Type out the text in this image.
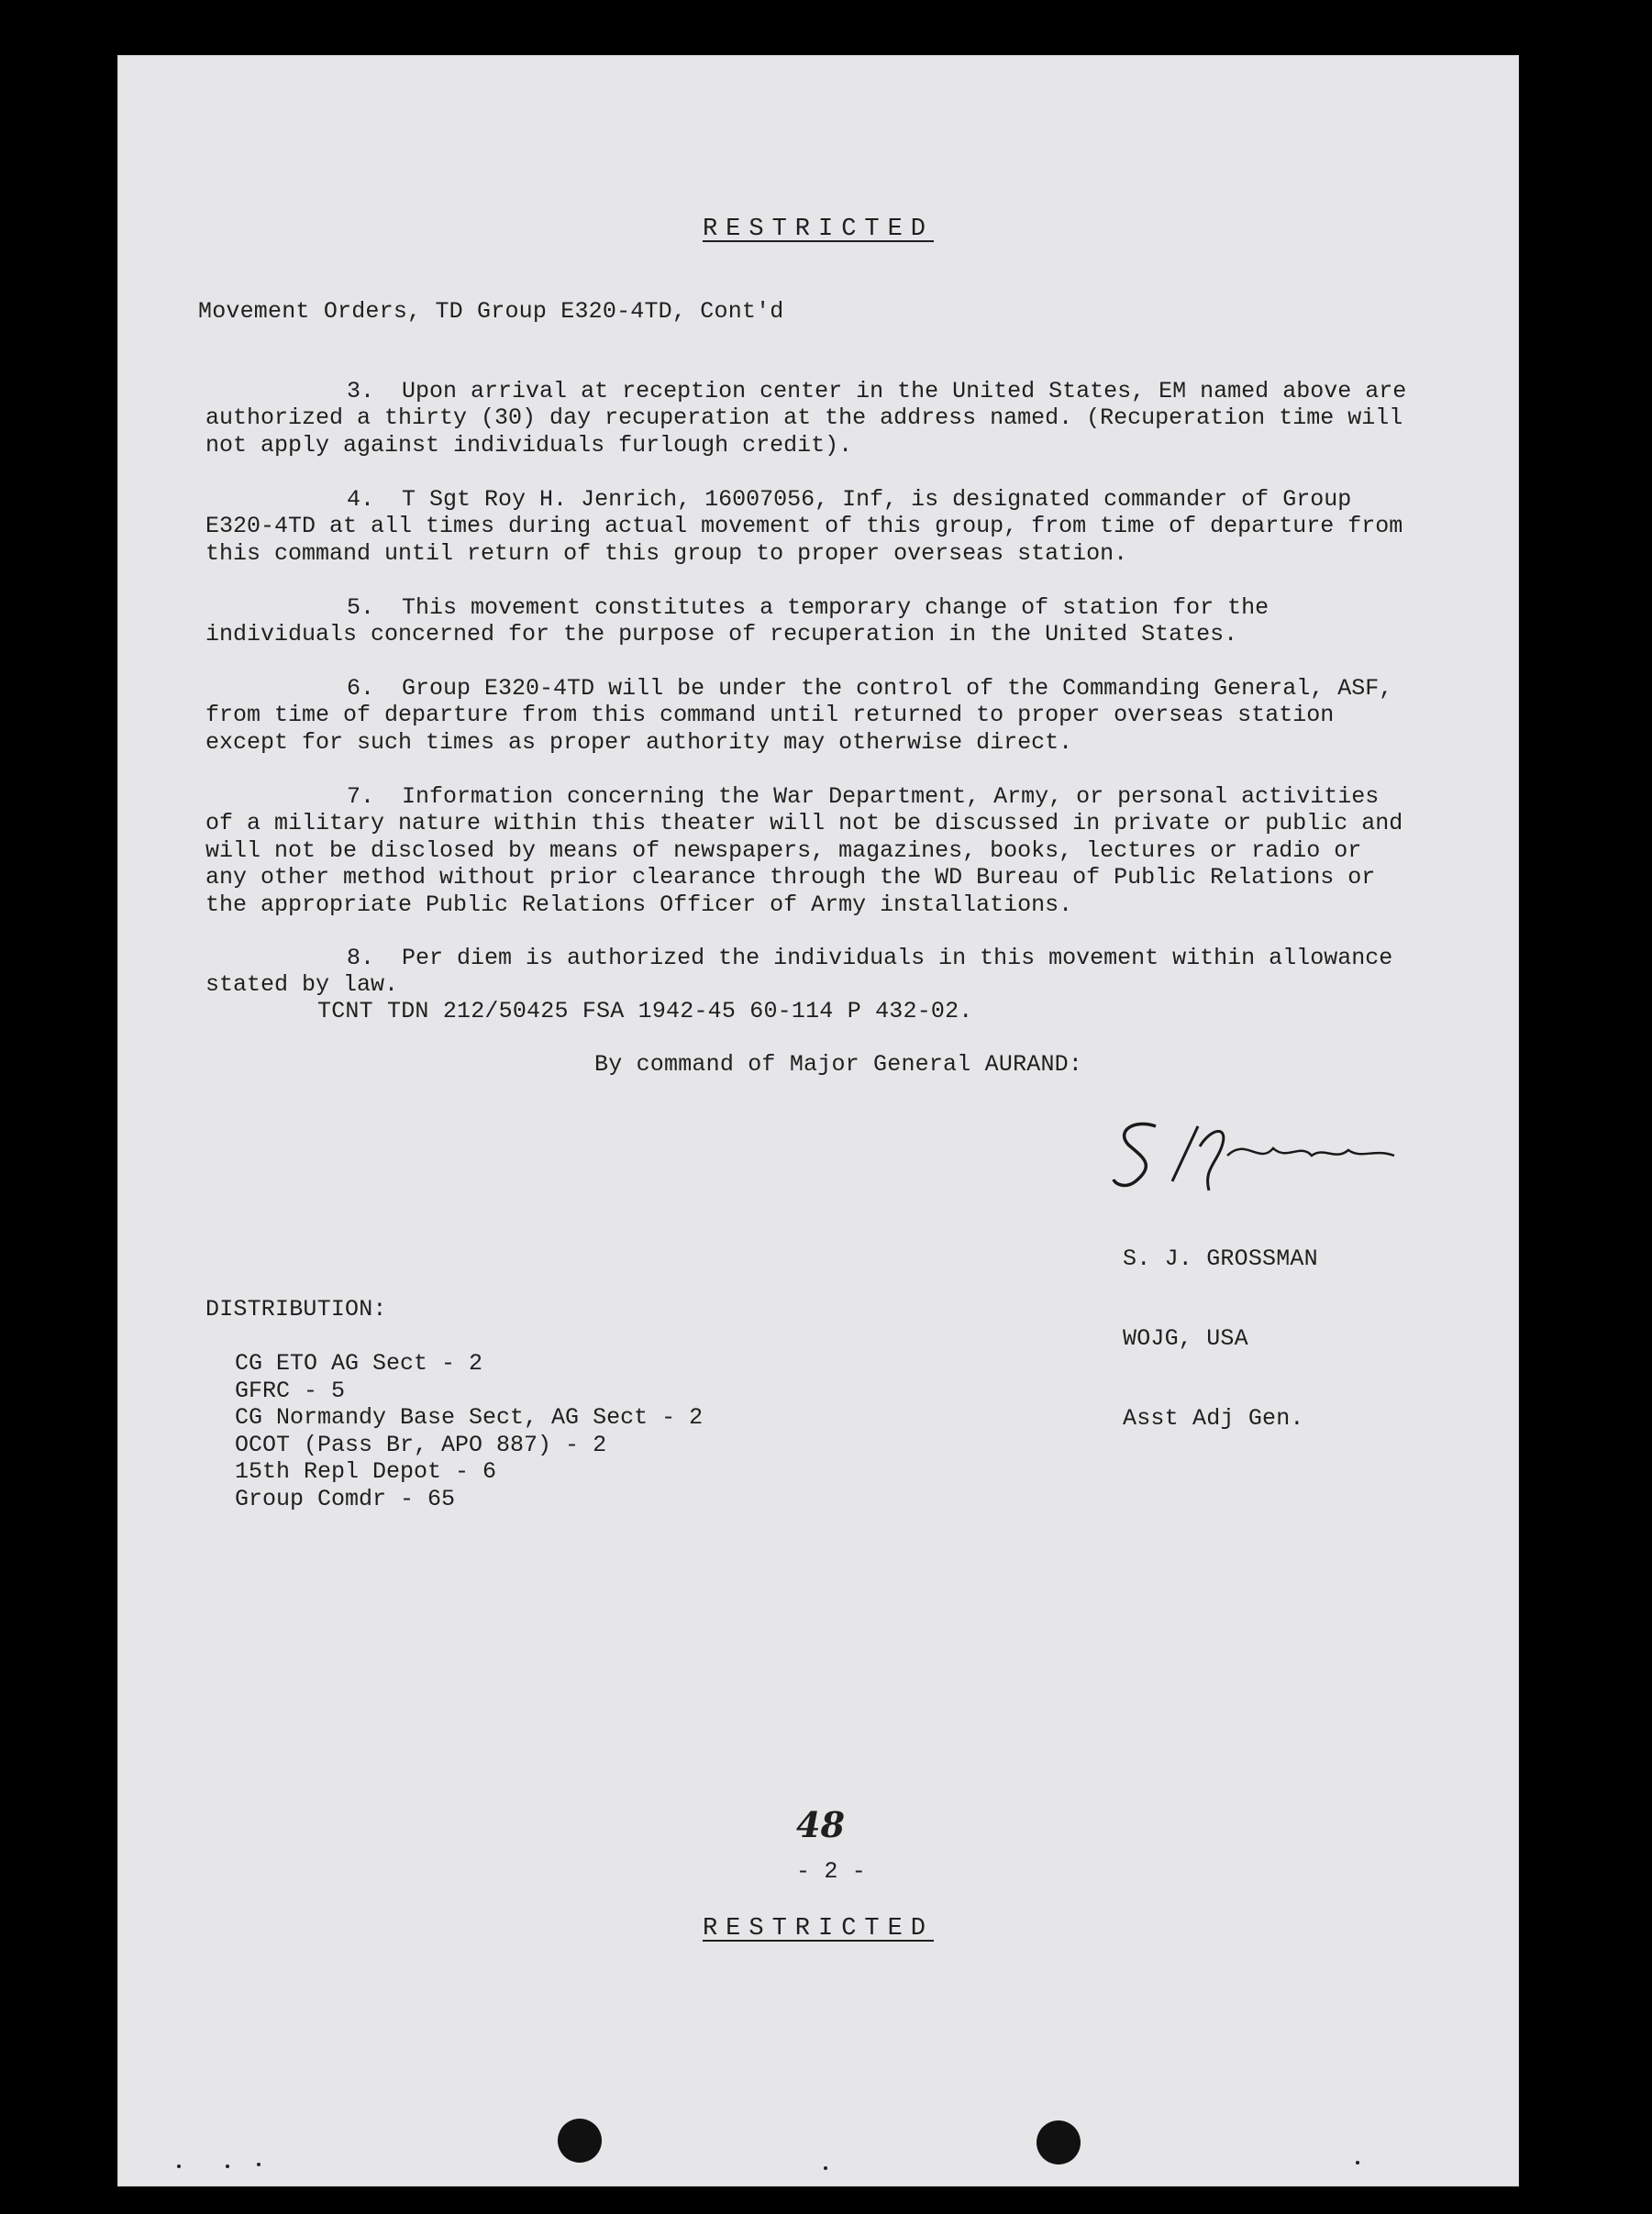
RESTRICTED
Movement Orders, TD Group E320-4TD, Cont'd

3. Upon arrival at reception center in the United States, EM named above are authorized a thirty (30) day recuperation at the address named. (Recuperation time will not apply against individuals furlough credit).

4. T Sgt Roy H. Jenrich, 16007056, Inf, is designated commander of Group E320-4TD at all times during actual movement of this group, from time of departure from this command until return of this group to proper overseas station.

5. This movement constitutes a temporary change of station for the individuals concerned for the purpose of recuperation in the United States.

6. Group E320-4TD will be under the control of the Commanding General, ASF, from time of departure from this command until returned to proper overseas station except for such times as proper authority may otherwise direct.

7. Information concerning the War Department, Army, or personal activities of a military nature within this theater will not be discussed in private or public and will not be disclosed by means of newspapers, magazines, books, lectures or radio or any other method without prior clearance through the WD Bureau of Public Relations or the appropriate Public Relations Officer of Army installations.

8. Per diem is authorized the individuals in this movement within allowance stated by law.

TCNT TDN 212/50425 FSA 1942-45 60-114 P 432-02.
By command of Major General AURAND:
S.J. Grossman

S. J. GROSSMAN

WOJG, USA

Asst Adj Gen.

DISTRIBUTION:
CG ETO AG Sect - 2
GFRC - 5
CG Normandy Base Sect, AG Sect - 2
OCOT (Pass Br, APO 887) - 2
15th Repl Depot - 6
Group Comdr - 65
48
- 2 -
RESTRICTED
